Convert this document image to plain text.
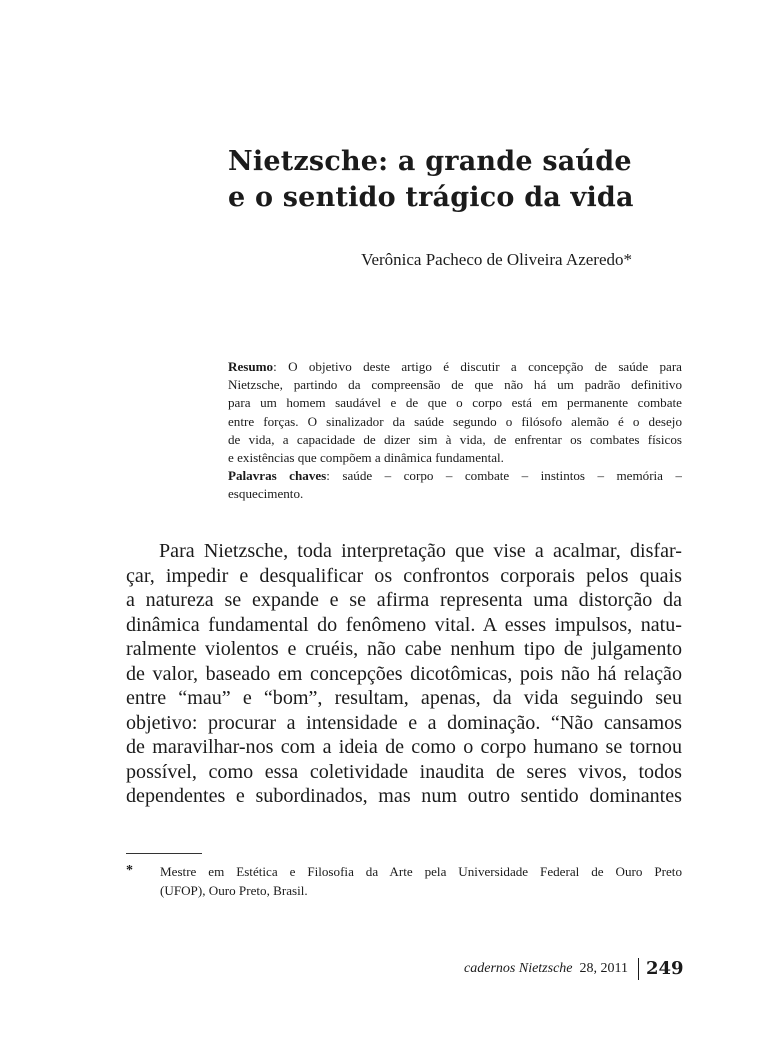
Nietzsche: a grande saúde
e o sentido trágico da vida
Verônica Pacheco de Oliveira Azeredo*
Resumo: O objetivo deste artigo é discutir a concepção de saúde para
Nietzsche, partindo da compreensão de que não há um padrão definitivo
para um homem saudável e de que o corpo está em permanente combate
entre forças. O sinalizador da saúde segundo o filósofo alemão é o desejo
de vida, a capacidade de dizer sim à vida, de enfrentar os combates físicos
e existências que compõem a dinâmica fundamental.
Palavras chaves: saúde – corpo – combate – instintos – memória –
esquecimento.
Para Nietzsche, toda interpretação que vise a acalmar, disfar-
çar, impedir e desqualificar os confrontos corporais pelos quais
a natureza se expande e se afirma representa uma distorção da
dinâmica fundamental do fenômeno vital. A esses impulsos, natu-
ralmente violentos e cruéis, não cabe nenhum tipo de julgamento
de valor, baseado em concepções dicotômicas, pois não há relação
entre “mau” e “bom”, resultam, apenas, da vida seguindo seu
objetivo: procurar a intensidade e a dominação. “Não cansamos
de maravilhar-nos com a ideia de como o corpo humano se tornou
possível, como essa coletividade inaudita de seres vivos, todos
dependentes e subordinados, mas num outro sentido dominantes
* Mestre em Estética e Filosofia da Arte pela Universidade Federal de Ouro Preto
(UFOP), Ouro Preto, Brasil.
cadernos Nietzsche 28, 2011 249
